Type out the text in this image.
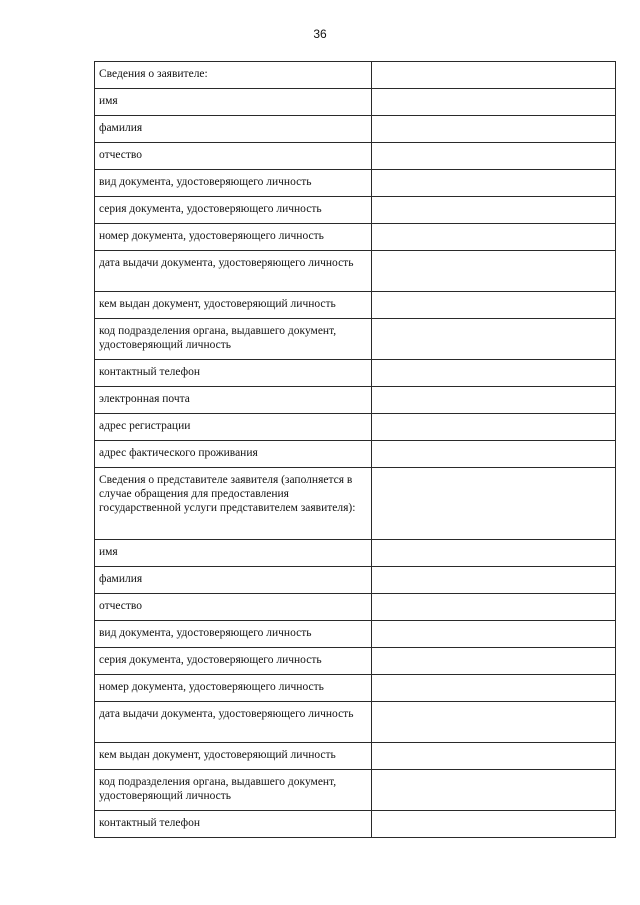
36
Сведения о заявителе:	
имя	
фамилия	
отчество	
вид документа, удостоверяющего личность	
серия документа, удостоверяющего личность	
номер документа, удостоверяющего личность	
дата выдачи документа, удостоверяющего личность	
кем выдан документ, удостоверяющий личность	
код подразделения органа, выдавшего документ, удостоверяющий личность	
контактный телефон	
электронная почта	
адрес регистрации	
адрес фактического проживания	
Сведения о представителе заявителя (заполняется в случае обращения для предоставления государственной услуги представителем заявителя):	
имя	
фамилия	
отчество	
вид документа, удостоверяющего личность	
серия документа, удостоверяющего личность	
номер документа, удостоверяющего личность	
дата выдачи документа, удостоверяющего личность	
кем выдан документ, удостоверяющий личность	
код подразделения органа, выдавшего документ, удостоверяющий личность	
контактный телефон	
